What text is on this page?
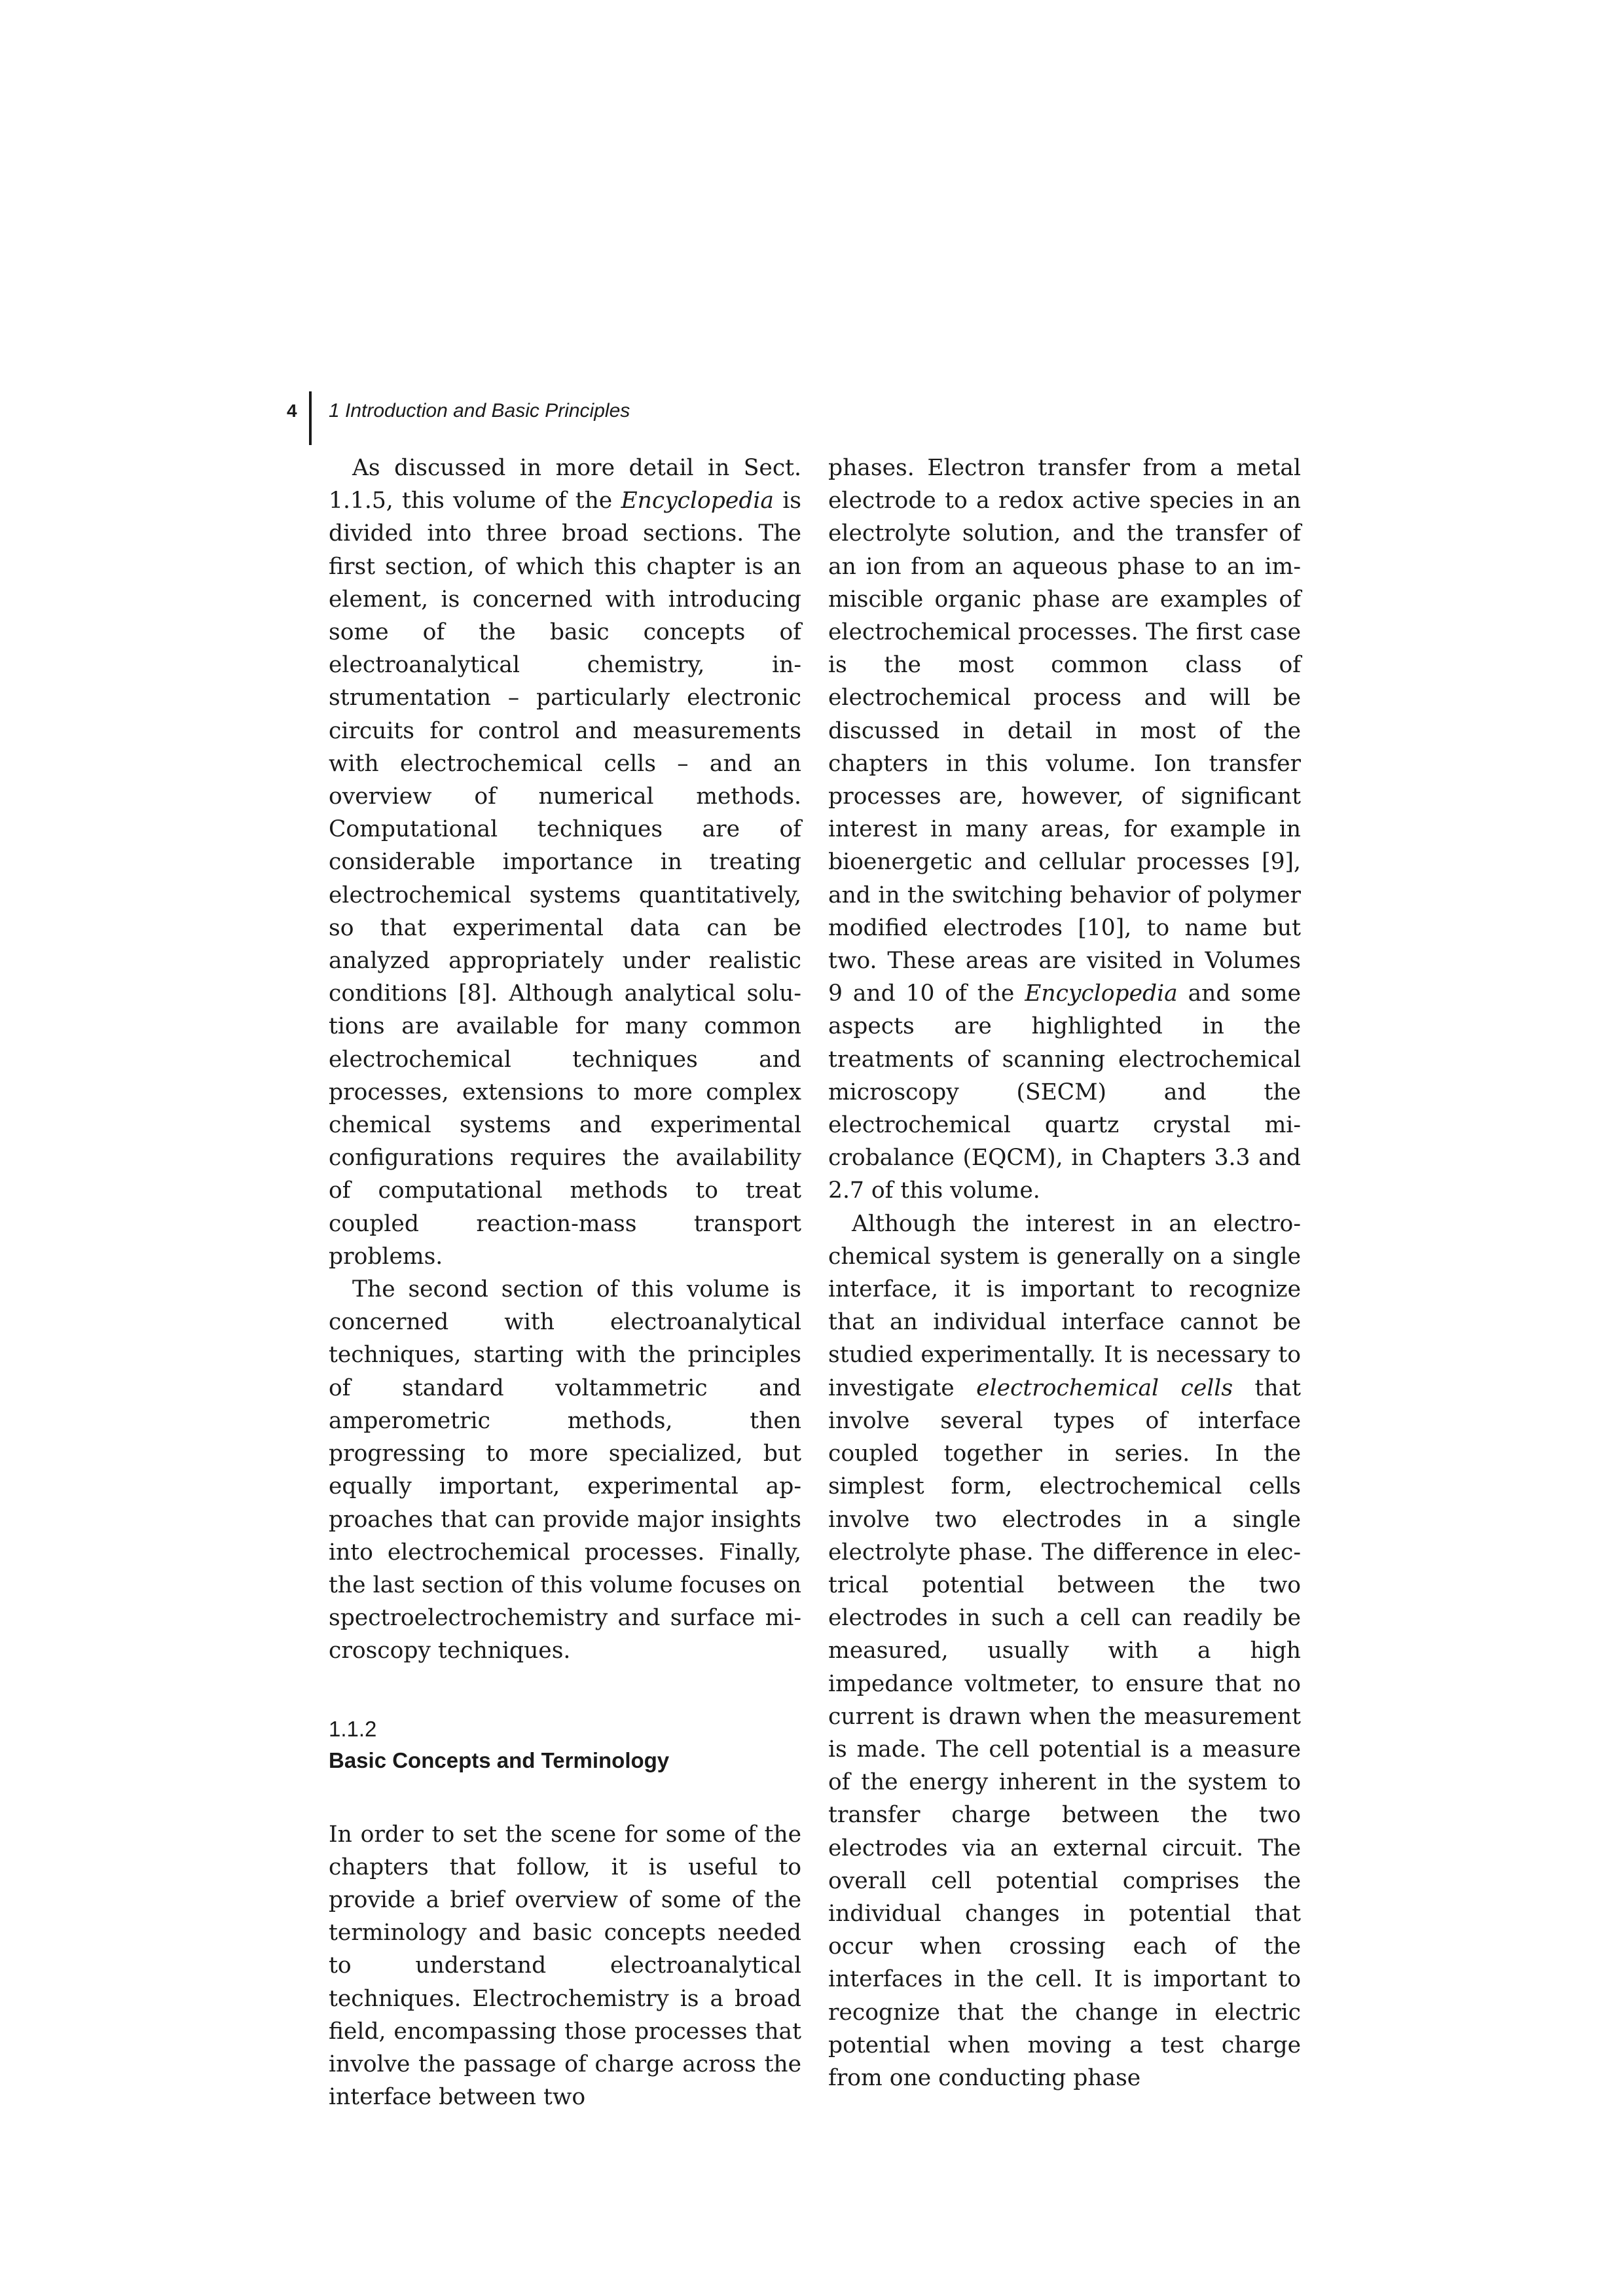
4 1 Introduction and Basic Principles

As discussed in more detail in Sect. 1.1.5, this volume of the Encyclopedia is divided into three broad sections. The first section, of which this chapter is an element, is concerned with introducing some of the basic concepts of electroanalytical chemistry, instrumentation – particularly electronic circuits for control and measurements with electrochemical cells – and an overview of numerical methods. Computational techniques are of considerable importance in treating electrochemical systems quantitatively, so that experimental data can be analyzed appropriately under realistic conditions [8]. Although analytical solutions are available for many common electrochemical techniques and processes, extensions to more complex chemical systems and experimental configurations requires the availability of computational methods to treat coupled reaction-mass transport problems.

The second section of this volume is concerned with electroanalytical techniques, starting with the principles of standard voltammetric and amperometric methods, then progressing to more specialized, but equally important, experimental approaches that can provide major insights into electrochemical processes. Finally, the last section of this volume focuses on spectroelectrochemistry and surface microscopy techniques.

1.1.2
Basic Concepts and Terminology

In order to set the scene for some of the chapters that follow, it is useful to provide a brief overview of some of the terminology and basic concepts needed to understand electroanalytical techniques. Electrochemistry is a broad field, encompassing those processes that involve the passage of charge across the interface between two

phases. Electron transfer from a metal electrode to a redox active species in an electrolyte solution, and the transfer of an ion from an aqueous phase to an immiscible organic phase are examples of electrochemical processes. The first case is the most common class of electrochemical process and will be discussed in detail in most of the chapters in this volume. Ion transfer processes are, however, of significant interest in many areas, for example in bioenergetic and cellular processes [9], and in the switching behavior of polymer modified electrodes [10], to name but two. These areas are visited in Volumes 9 and 10 of the Encyclopedia and some aspects are highlighted in the treatments of scanning electrochemical microscopy (SECM) and the electrochemical quartz crystal microbalance (EQCM), in Chapters 3.3 and 2.7 of this volume.

Although the interest in an electrochemical system is generally on a single interface, it is important to recognize that an individual interface cannot be studied experimentally. It is necessary to investigate electrochemical cells that involve several types of interface coupled together in series. In the simplest form, electrochemical cells involve two electrodes in a single electrolyte phase. The difference in electrical potential between the two electrodes in such a cell can readily be measured, usually with a high impedance voltmeter, to ensure that no current is drawn when the measurement is made. The cell potential is a measure of the energy inherent in the system to transfer charge between the two electrodes via an external circuit. The overall cell potential comprises the individual changes in potential that occur when crossing each of the interfaces in the cell. It is important to recognize that the change in electric potential when moving a test charge from one conducting phase
